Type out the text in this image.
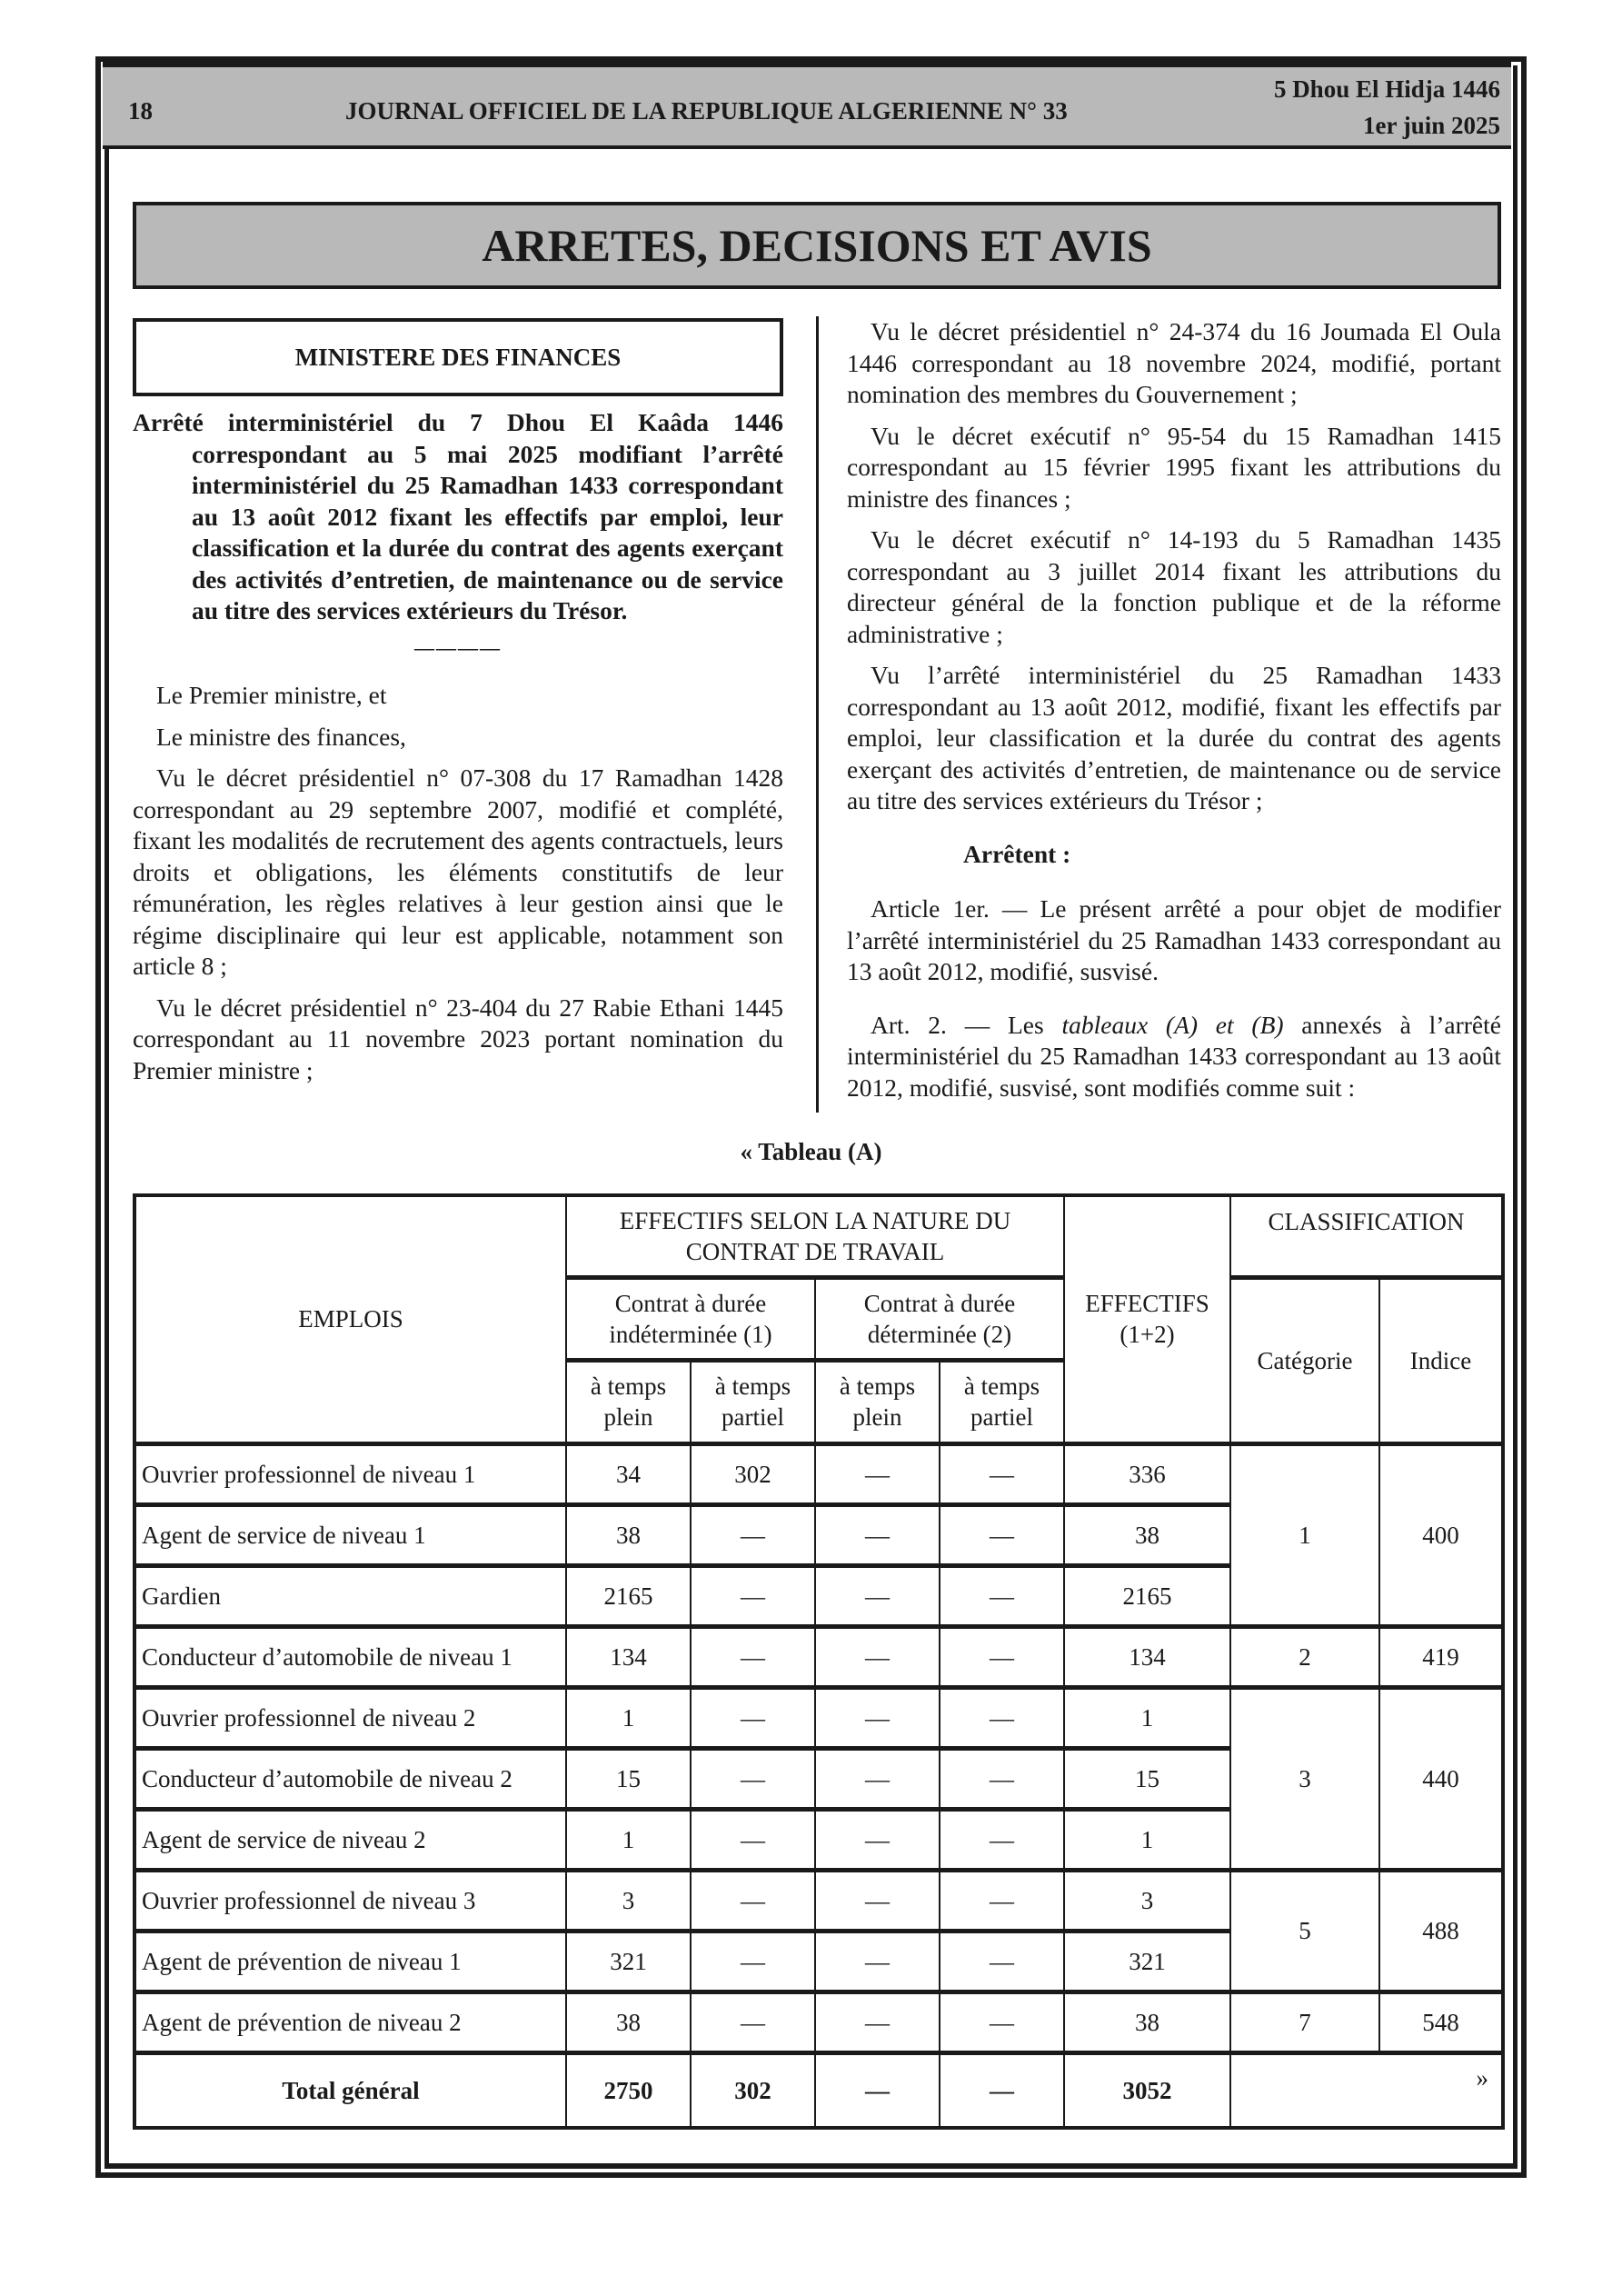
18	JOURNAL OFFICIEL DE LA REPUBLIQUE ALGERIENNE N° 33
5 Dhou El Hidja 1446
1er juin 2025
ARRETES, DECISIONS ET AVIS
MINISTERE DES FINANCES
Arrêté interministériel du 7 Dhou El Kaâda 1446 correspondant au 5 mai 2025 modifiant l’arrêté interministériel du 25 Ramadhan 1433 correspondant au 13 août 2012 fixant les effectifs par emploi, leur classification et la durée du contrat des agents exerçant des activités d’entretien, de maintenance ou de service au titre des services extérieurs du Trésor.
————

Le Premier ministre, et

Le ministre des finances,

Vu le décret présidentiel n° 07-308 du 17 Ramadhan 1428 correspondant au 29 septembre 2007, modifié et complété, fixant les modalités de recrutement des agents contractuels, leurs droits et obligations, les éléments constitutifs de leur rémunération, les règles relatives à leur gestion ainsi que le régime disciplinaire qui leur est applicable, notamment son article 8 ;

Vu le décret présidentiel n° 23-404 du 27 Rabie Ethani 1445 correspondant au 11 novembre 2023 portant nomination du Premier ministre ;

Vu le décret présidentiel n° 24-374 du 16 Joumada El Oula 1446 correspondant au 18 novembre 2024, modifié, portant nomination des membres du Gouvernement ;

Vu le décret exécutif n° 95-54 du 15 Ramadhan 1415 correspondant au 15 février 1995 fixant les attributions du ministre des finances ;

Vu le décret exécutif n° 14-193 du 5 Ramadhan 1435 correspondant au 3 juillet 2014 fixant les attributions du directeur général de la fonction publique et de la réforme administrative ;

Vu l’arrêté interministériel du 25 Ramadhan 1433 correspondant au 13 août 2012, modifié, fixant les effectifs par emploi, leur classification et la durée du contrat des agents exerçant des activités d’entretien, de maintenance ou de service au titre des services extérieurs du Trésor ;

Arrêtent :

Article 1er. — Le présent arrêté a pour objet de modifier l’arrêté interministériel du 25 Ramadhan 1433 correspondant au 13 août 2012, modifié, susvisé.

Art. 2. — Les tableaux (A) et (B) annexés à l’arrêté interministériel du 25 Ramadhan 1433 correspondant au 13 août 2012, modifié, susvisé, sont modifiés comme suit :

« Tableau (A)
EMPLOIS	EFFECTIFS SELON LA NATURE DU CONTRAT DE TRAVAIL				EFFECTIFS (1+2)	CLASSIFICATION	
	Contrat à durée indéterminée (1)		Contrat à durée déterminée (2)			Catégorie	Indice
	à temps plein	à temps partiel	à temps plein	à temps partiel			
Ouvrier professionnel de niveau 1	34	302	—	—	336	1	400
Agent de service de niveau 1	38	—	—	—	38		
Gardien	2165	—	—	—	2165		
Conducteur d’automobile de niveau 1	134	—	—	—	134	2	419
Ouvrier professionnel de niveau 2	1	—	—	—	1	3	440
Conducteur d’automobile de niveau 2	15	—	—	—	15		
Agent de service de niveau 2	1	—	—	—	1		
Ouvrier professionnel de niveau 3	3	—	—	—	3	5	488
Agent de prévention de niveau 1	321	—	—	—	321		
Agent de prévention de niveau 2	38	—	—	—	38	7	548
Total général	2750	302	—	—	3052	»	
